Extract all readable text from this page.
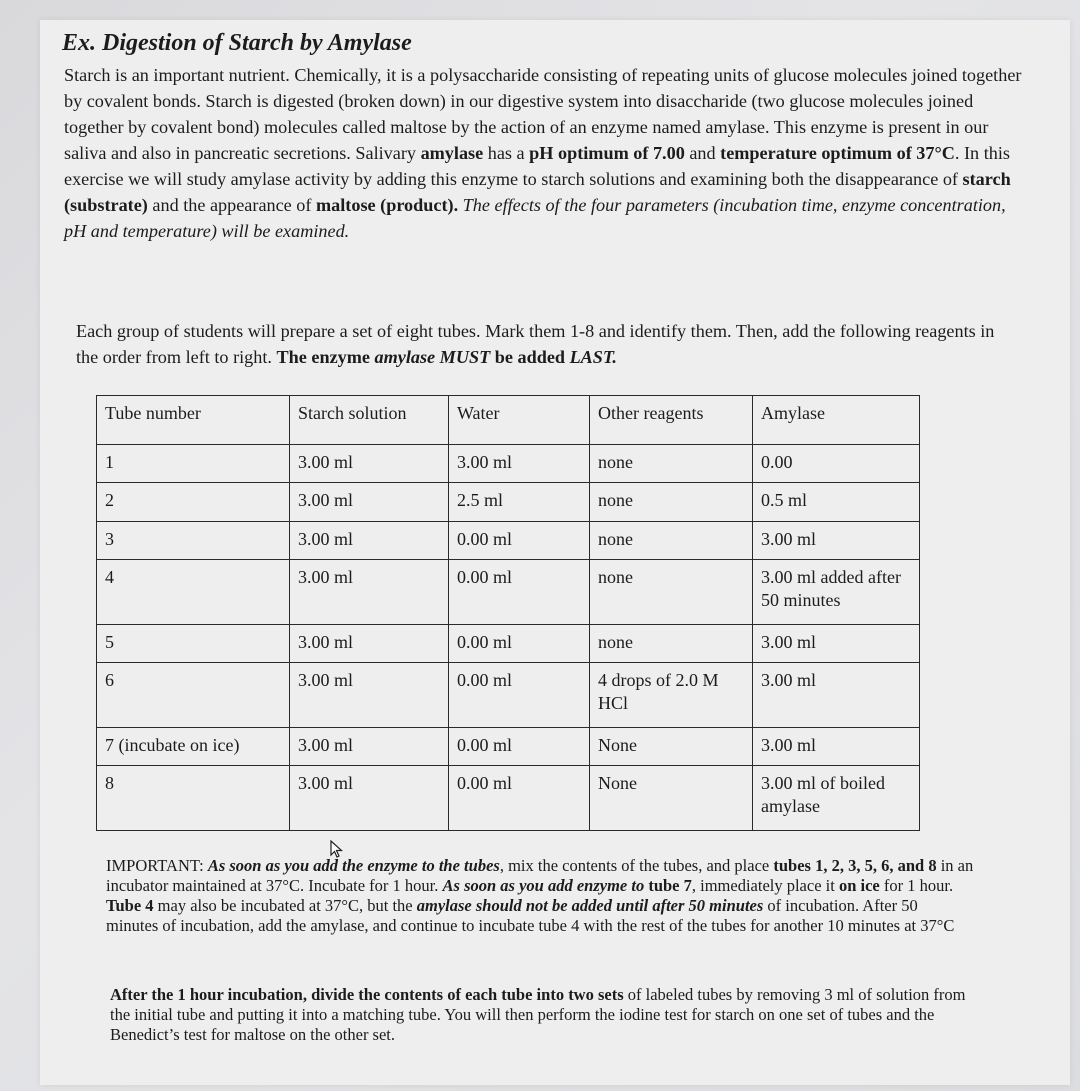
Ex. Digestion of Starch by Amylase
Starch is an important nutrient. Chemically, it is a polysaccharide consisting of repeating units of glucose molecules joined together by covalent bonds. Starch is digested (broken down) in our digestive system into disaccharide (two glucose molecules joined together by covalent bond) molecules called maltose by the action of an enzyme named amylase. This enzyme is present in our saliva and also in pancreatic secretions. Salivary amylase has a pH optimum of 7.00 and temperature optimum of 37°C. In this exercise we will study amylase activity by adding this enzyme to starch solutions and examining both the disappearance of starch (substrate) and the appearance of maltose (product). The effects of the four parameters (incubation time, enzyme concentration, pH and temperature) will be examined.
Each group of students will prepare a set of eight tubes. Mark them 1-8 and identify them. Then, add the following reagents in the order from left to right. The enzyme amylase MUST be added LAST.
Tube number	Starch solution	Water	Other reagents	Amylase
1	3.00 ml	3.00 ml	none	0.00
2	3.00 ml	2.5 ml	none	0.5 ml
3	3.00 ml	0.00 ml	none	3.00 ml
4	3.00 ml	0.00 ml	none	3.00 ml added after 50 minutes
5	3.00 ml	0.00 ml	none	3.00 ml
6	3.00 ml	0.00 ml	4 drops of 2.0 M HCl	3.00 ml
7 (incubate on ice)	3.00 ml	0.00 ml	None	3.00 ml
8	3.00 ml	0.00 ml	None	3.00 ml of boiled amylase
IMPORTANT: As soon as you add the enzyme to the tubes, mix the contents of the tubes, and place tubes 1, 2, 3, 5, 6, and 8 in an incubator maintained at 37°C. Incubate for 1 hour. As soon as you add enzyme to tube 7, immediately place it on ice for 1 hour. Tube 4 may also be incubated at 37°C, but the amylase should not be added until after 50 minutes of incubation. After 50 minutes of incubation, add the amylase, and continue to incubate tube 4 with the rest of the tubes for another 10 minutes at 37°C
After the 1 hour incubation, divide the contents of each tube into two sets of labeled tubes by removing 3 ml of solution from the initial tube and putting it into a matching tube. You will then perform the iodine test for starch on one set of tubes and the Benedict’s test for maltose on the other set.
